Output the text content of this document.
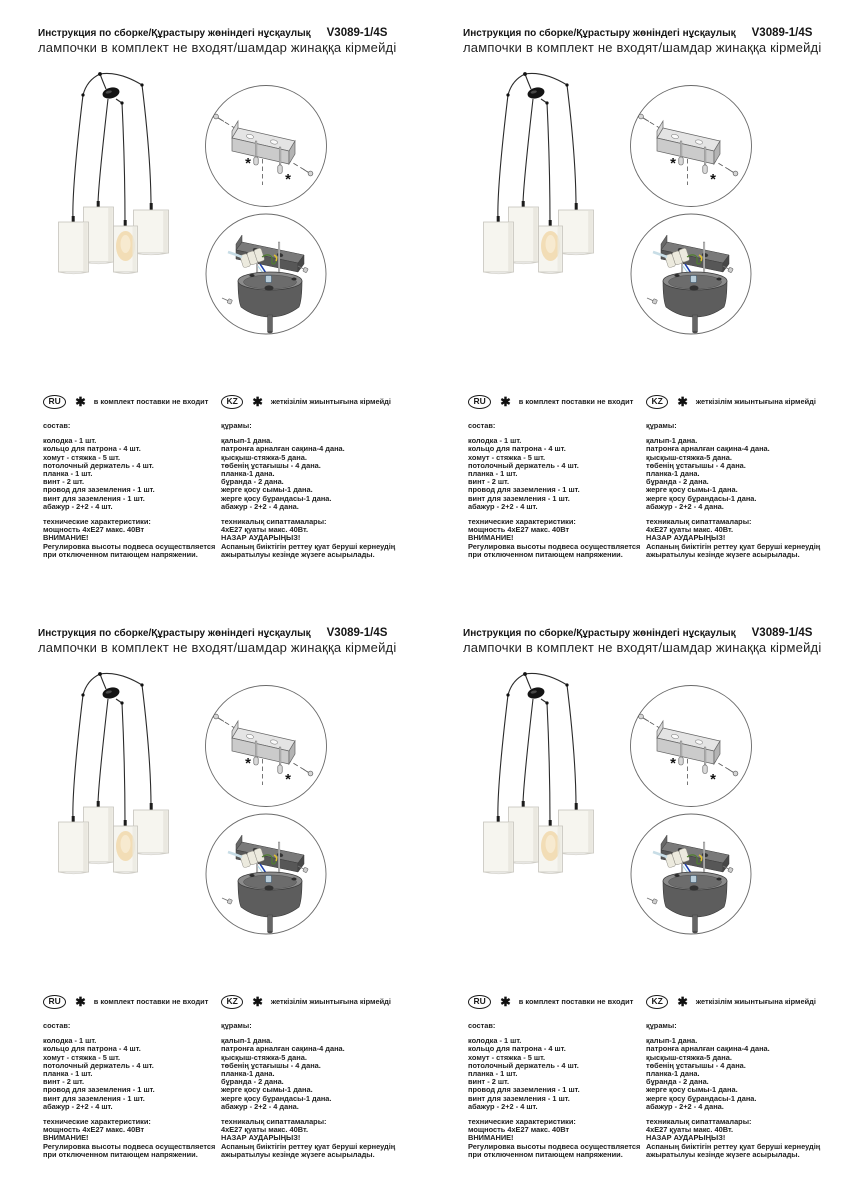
Инструкция по сборке/Құрастыру жөніндегі нұсқаулық V3089-1/4S
лампочки в комплект не входят/шамдар жинаққа кірмейді
*
*
RU	✱ в комплект поставки не входит
состав:
колодка - 1 шт.
кольцо для патрона - 4 шт.
хомут - стяжка - 5 шт.
потолочный держатель - 4 шт.
планка - 1 шт.
винт - 2 шт.
провод для заземления - 1 шт.
винт для заземления - 1 шт.
абажур - 2+2 - 4 шт.
технические характеристики:
мощность 4хЕ27 макс. 40Вт
ВНИМАНИЕ!
Регулировка высоты подвеса осуществляется
при отключенном питающем напряжении.
KZ	✱ жеткізілім жиынтығына кірмейді
құрамы:
қалып-1 дана.
патронға арналған сақина-4 дана.
қысқыш-стяжка-5 дана.
төбенің ұстағышы - 4 дана.
планка-1 дана.
бұранда - 2 дана.
жерге қосу сымы-1 дана.
жерге қосу бұрандасы-1 дана.
абажур - 2+2 - 4 дана.
техникалық сипаттамалары:
4хЕ27 қуаты макс. 40Вт.
НАЗАР АУДАРЫҢЫЗ!
Аспаның биіктігін реттеу қуат беруші кернеудің
ажыратылуы кезінде жүзеге асырылады.
Инструкция по сборке/Құрастыру жөніндегі нұсқаулық V3089-1/4S
лампочки в комплект не входят/шамдар жинаққа кірмейді
*
*
RU	✱ в комплект поставки не входит
состав:
колодка - 1 шт.
кольцо для патрона - 4 шт.
хомут - стяжка - 5 шт.
потолочный держатель - 4 шт.
планка - 1 шт.
винт - 2 шт.
провод для заземления - 1 шт.
винт для заземления - 1 шт.
абажур - 2+2 - 4 шт.
технические характеристики:
мощность 4хЕ27 макс. 40Вт
ВНИМАНИЕ!
Регулировка высоты подвеса осуществляется
при отключенном питающем напряжении.
KZ	✱ жеткізілім жиынтығына кірмейді
құрамы:
қалып-1 дана.
патронға арналған сақина-4 дана.
қысқыш-стяжка-5 дана.
төбенің ұстағышы - 4 дана.
планка-1 дана.
бұранда - 2 дана.
жерге қосу сымы-1 дана.
жерге қосу бұрандасы-1 дана.
абажур - 2+2 - 4 дана.
техникалық сипаттамалары:
4хЕ27 қуаты макс. 40Вт.
НАЗАР АУДАРЫҢЫЗ!
Аспаның биіктігін реттеу қуат беруші кернеудің
ажыратылуы кезінде жүзеге асырылады.
Инструкция по сборке/Құрастыру жөніндегі нұсқаулық V3089-1/4S
лампочки в комплект не входят/шамдар жинаққа кірмейді
*
*
RU	✱ в комплект поставки не входит
состав:
колодка - 1 шт.
кольцо для патрона - 4 шт.
хомут - стяжка - 5 шт.
потолочный держатель - 4 шт.
планка - 1 шт.
винт - 2 шт.
провод для заземления - 1 шт.
винт для заземления - 1 шт.
абажур - 2+2 - 4 шт.
технические характеристики:
мощность 4хЕ27 макс. 40Вт
ВНИМАНИЕ!
Регулировка высоты подвеса осуществляется
при отключенном питающем напряжении.
KZ	✱ жеткізілім жиынтығына кірмейді
құрамы:
қалып-1 дана.
патронға арналған сақина-4 дана.
қысқыш-стяжка-5 дана.
төбенің ұстағышы - 4 дана.
планка-1 дана.
бұранда - 2 дана.
жерге қосу сымы-1 дана.
жерге қосу бұрандасы-1 дана.
абажур - 2+2 - 4 дана.
техникалық сипаттамалары:
4хЕ27 қуаты макс. 40Вт.
НАЗАР АУДАРЫҢЫЗ!
Аспаның биіктігін реттеу қуат беруші кернеудің
ажыратылуы кезінде жүзеге асырылады.
Инструкция по сборке/Құрастыру жөніндегі нұсқаулық V3089-1/4S
лампочки в комплект не входят/шамдар жинаққа кірмейді
*
*
RU	✱ в комплект поставки не входит
состав:
колодка - 1 шт.
кольцо для патрона - 4 шт.
хомут - стяжка - 5 шт.
потолочный держатель - 4 шт.
планка - 1 шт.
винт - 2 шт.
провод для заземления - 1 шт.
винт для заземления - 1 шт.
абажур - 2+2 - 4 шт.
технические характеристики:
мощность 4хЕ27 макс. 40Вт
ВНИМАНИЕ!
Регулировка высоты подвеса осуществляется
при отключенном питающем напряжении.
KZ	✱ жеткізілім жиынтығына кірмейді
құрамы:
қалып-1 дана.
патронға арналған сақина-4 дана.
қысқыш-стяжка-5 дана.
төбенің ұстағышы - 4 дана.
планка-1 дана.
бұранда - 2 дана.
жерге қосу сымы-1 дана.
жерге қосу бұрандасы-1 дана.
абажур - 2+2 - 4 дана.
техникалық сипаттамалары:
4хЕ27 қуаты макс. 40Вт.
НАЗАР АУДАРЫҢЫЗ!
Аспаның биіктігін реттеу қуат беруші кернеудің
ажыратылуы кезінде жүзеге асырылады.
